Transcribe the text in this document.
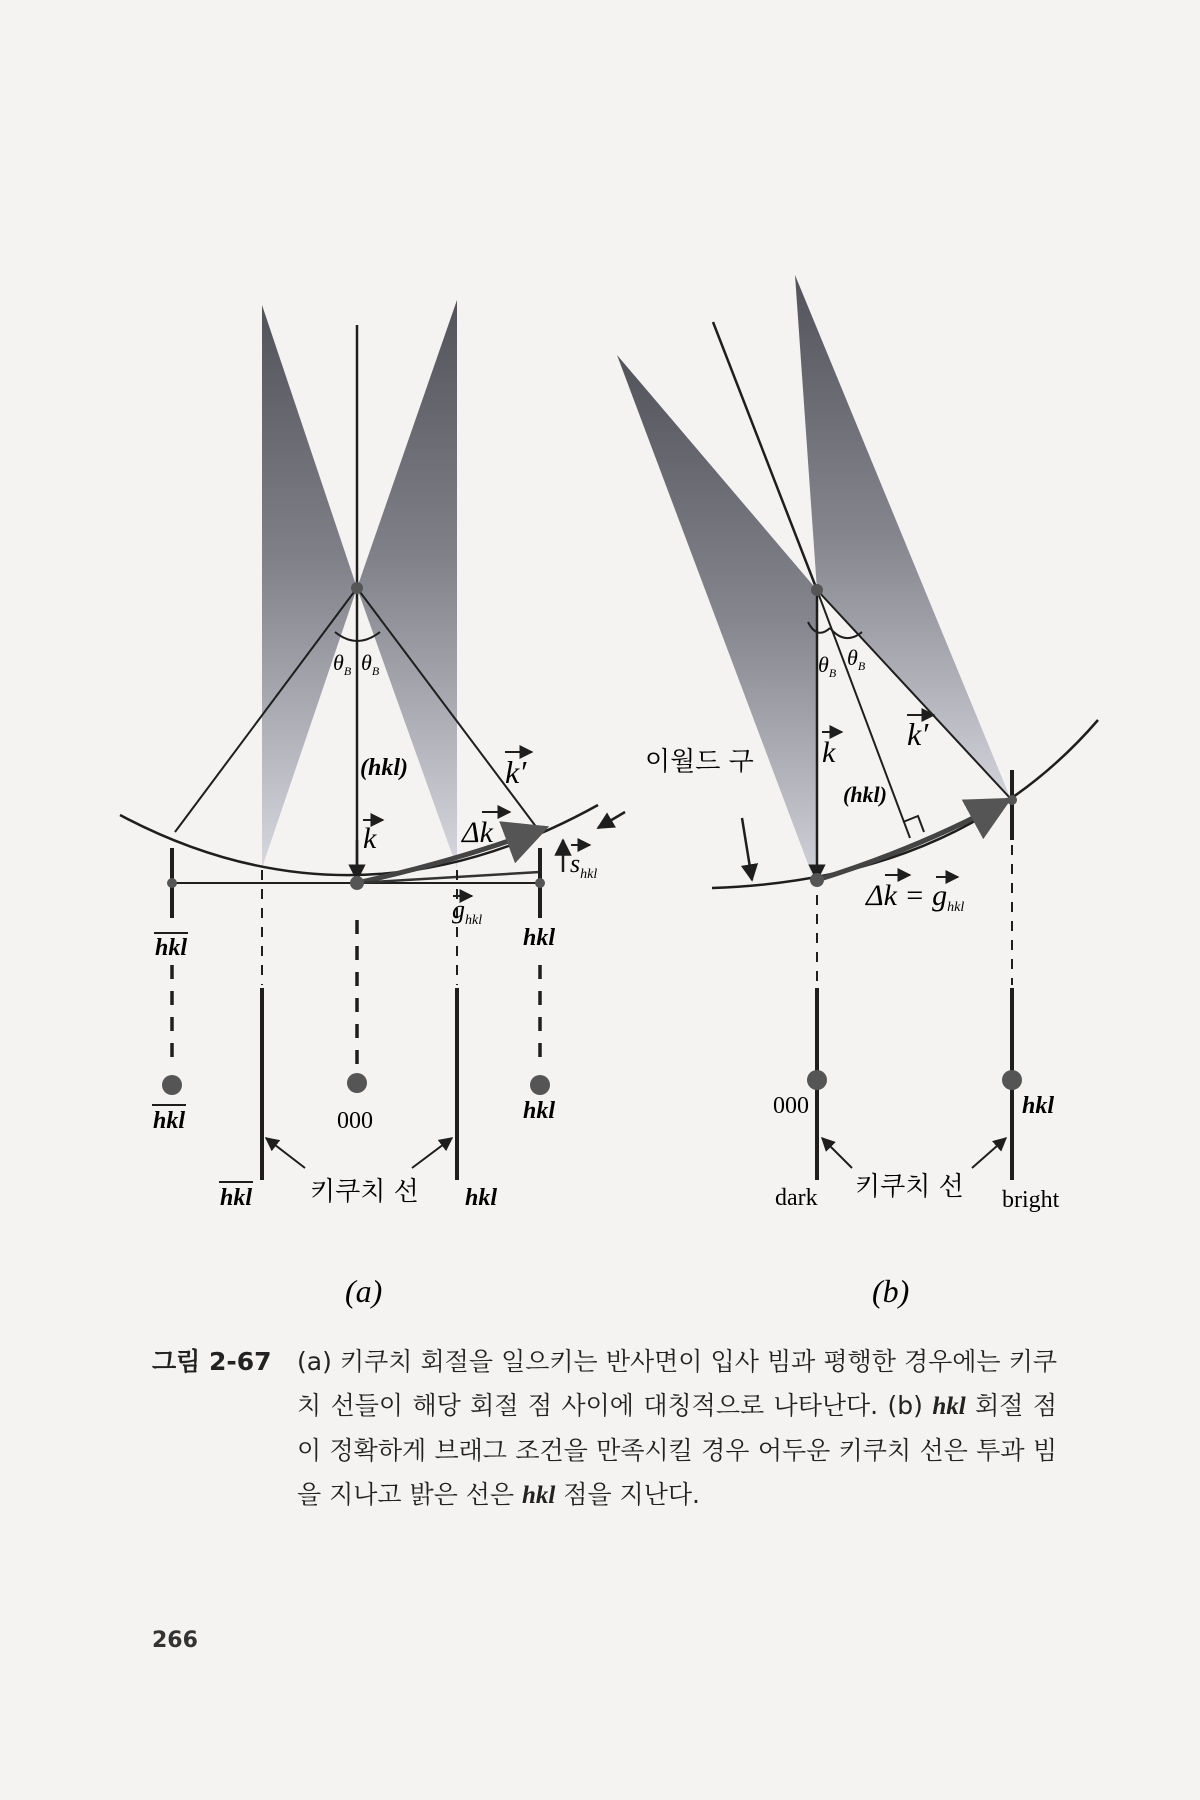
$\theta_B$ $\theta_B$
(hkl)
k
k′
Δk
$s_{hkl}$
$g_{hkl}$
hkl	hkl
hkl	000	hkl
hkl 키쿠치 선 hkl
(a)
이월드 구
$\theta_B$
$\theta_B$
k
k′
(hkl)
$\Delta k = g_{hkl}$
000	hkl
dark 키쿠치 선 bright
(b)
그림 2-67 (a) 키쿠치 회절을 일으키는 반사면이 입사 빔과 평행한 경우에는 키쿠치 선들이 해당 회절 점 사이에 대칭적으로 나타난다. (b) hkl 회절 점이 정확하게 브래그 조건을 만족시킬 경우 어두운 키쿠치 선은 투과 빔을 지나고 밝은 선은 hkl 점을 지난다.
266
